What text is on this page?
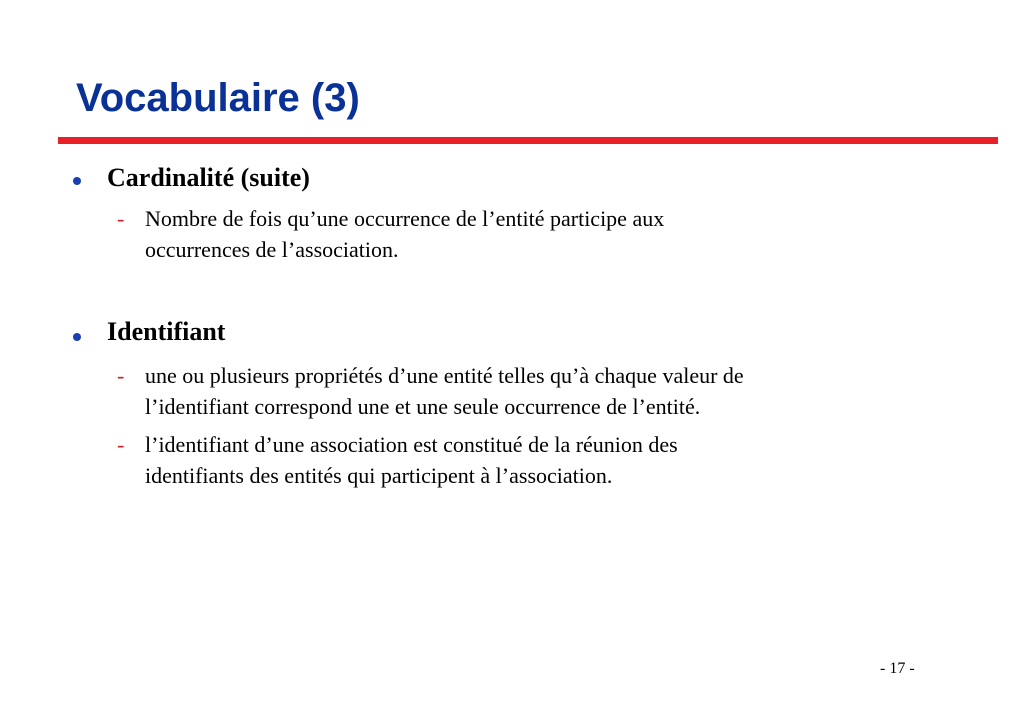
Vocabulaire (3)
Cardinalité (suite)
- Nombre de fois qu’une occurrence de l’entité participe aux
occurrences de l’association.
Identifiant
- une ou plusieurs propriétés d’une entité telles qu’à chaque valeur de
l’identifiant correspond une et une seule occurrence de l’entité.
- l’identifiant d’une association est constitué de la réunion des
identifiants des entités qui participent à l’association.
- 17 -
